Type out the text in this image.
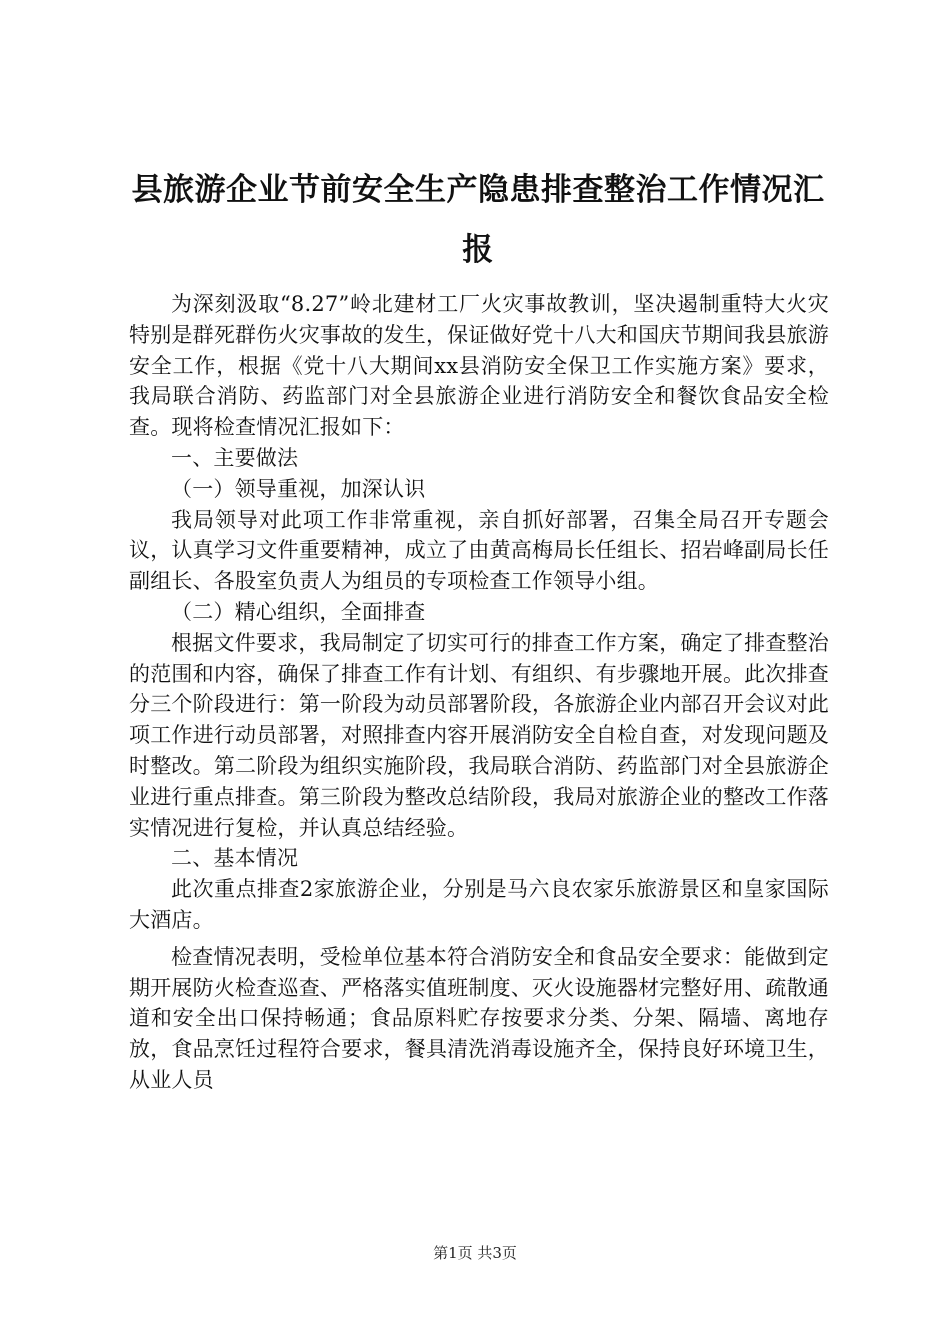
县旅游企业节前安全生产隐患排查整治工作情况汇报

为深刻汲取“8.27”岭北建材工厂火灾事故教训，坚决遏制重特大火灾特别是群死群伤火灾事故的发生，保证做好党十八大和国庆节期间我县旅游安全工作，根据《党十八大期间xx县消防安全保卫工作实施方案》要求，我局联合消防、药监部门对全县旅游企业进行消防安全和餐饮食品安全检查。现将检查情况汇报如下：

一、主要做法

（一）领导重视，加深认识

我局领导对此项工作非常重视，亲自抓好部署，召集全局召开专题会议，认真学习文件重要精神，成立了由黄高梅局长任组长、招岩峰副局长任副组长、各股室负责人为组员的专项检查工作领导小组。

（二）精心组织，全面排查

根据文件要求，我局制定了切实可行的排查工作方案，确定了排查整治的范围和内容，确保了排查工作有计划、有组织、有步骤地开展。此次排查分三个阶段进行：第一阶段为动员部署阶段，各旅游企业内部召开会议对此项工作进行动员部署，对照排查内容开展消防安全自检自查，对发现问题及时整改。第二阶段为组织实施阶段，我局联合消防、药监部门对全县旅游企业进行重点排查。第三阶段为整改总结阶段，我局对旅游企业的整改工作落实情况进行复检，并认真总结经验。

二、基本情况

此次重点排查2家旅游企业，分别是马六良农家乐旅游景区和皇家国际大酒店。

检查情况表明，受检单位基本符合消防安全和食品安全要求：能做到定期开展防火检查巡查、严格落实值班制度、灭火设施器材完整好用、疏散通道和安全出口保持畅通；食品原料贮存按要求分类、分架、隔墙、离地存放，食品烹饪过程符合要求，餐具清洗消毒设施齐全，保持良好环境卫生，从业人员

第1页 共3页
